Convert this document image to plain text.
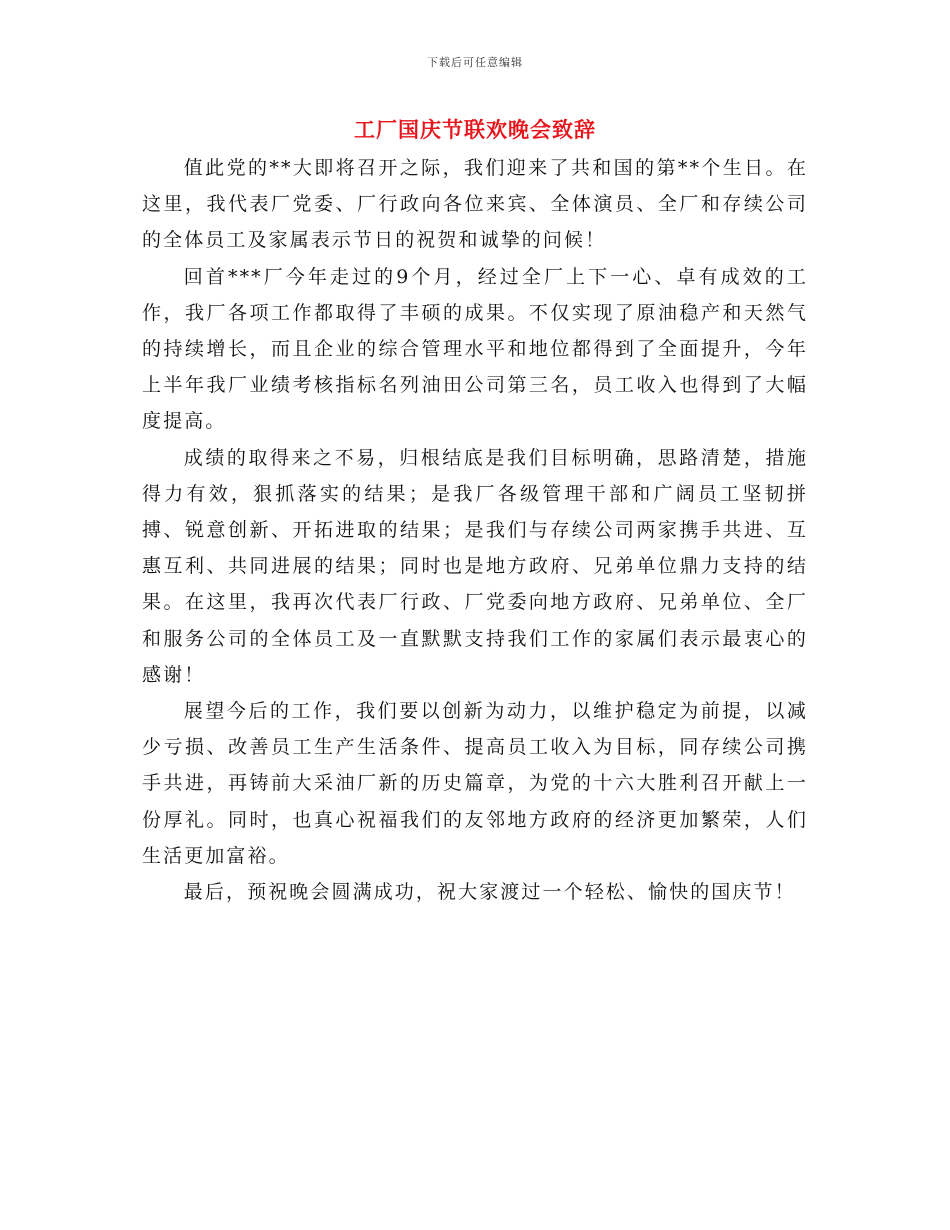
下载后可任意编辑
工厂国庆节联欢晚会致辞

值此党的**大即将召开之际，我们迎来了共和国的第**个生日。在这里，我代表厂党委、厂行政向各位来宾、全体演员、全厂和存续公司的全体员工及家属表示节日的祝贺和诚挚的问候！

回首***厂今年走过的9个月，经过全厂上下一心、卓有成效的工作，我厂各项工作都取得了丰硕的成果。不仅实现了原油稳产和天然气的持续增长，而且企业的综合管理水平和地位都得到了全面提升，今年上半年我厂业绩考核指标名列油田公司第三名，员工收入也得到了大幅度提高。

成绩的取得来之不易，归根结底是我们目标明确，思路清楚，措施得力有效，狠抓落实的结果；是我厂各级管理干部和广阔员工坚韧拼搏、锐意创新、开拓进取的结果；是我们与存续公司两家携手共进、互惠互利、共同进展的结果；同时也是地方政府、兄弟单位鼎力支持的结果。在这里，我再次代表厂行政、厂党委向地方政府、兄弟单位、全厂和服务公司的全体员工及一直默默支持我们工作的家属们表示最衷心的感谢！

展望今后的工作，我们要以创新为动力，以维护稳定为前提，以减少亏损、改善员工生产生活条件、提高员工收入为目标，同存续公司携手共进，再铸前大采油厂新的历史篇章，为党的十六大胜利召开献上一份厚礼。同时，也真心祝福我们的友邻地方政府的经济更加繁荣，人们生活更加富裕。

最后，预祝晚会圆满成功，祝大家渡过一个轻松、愉快的国庆节！
